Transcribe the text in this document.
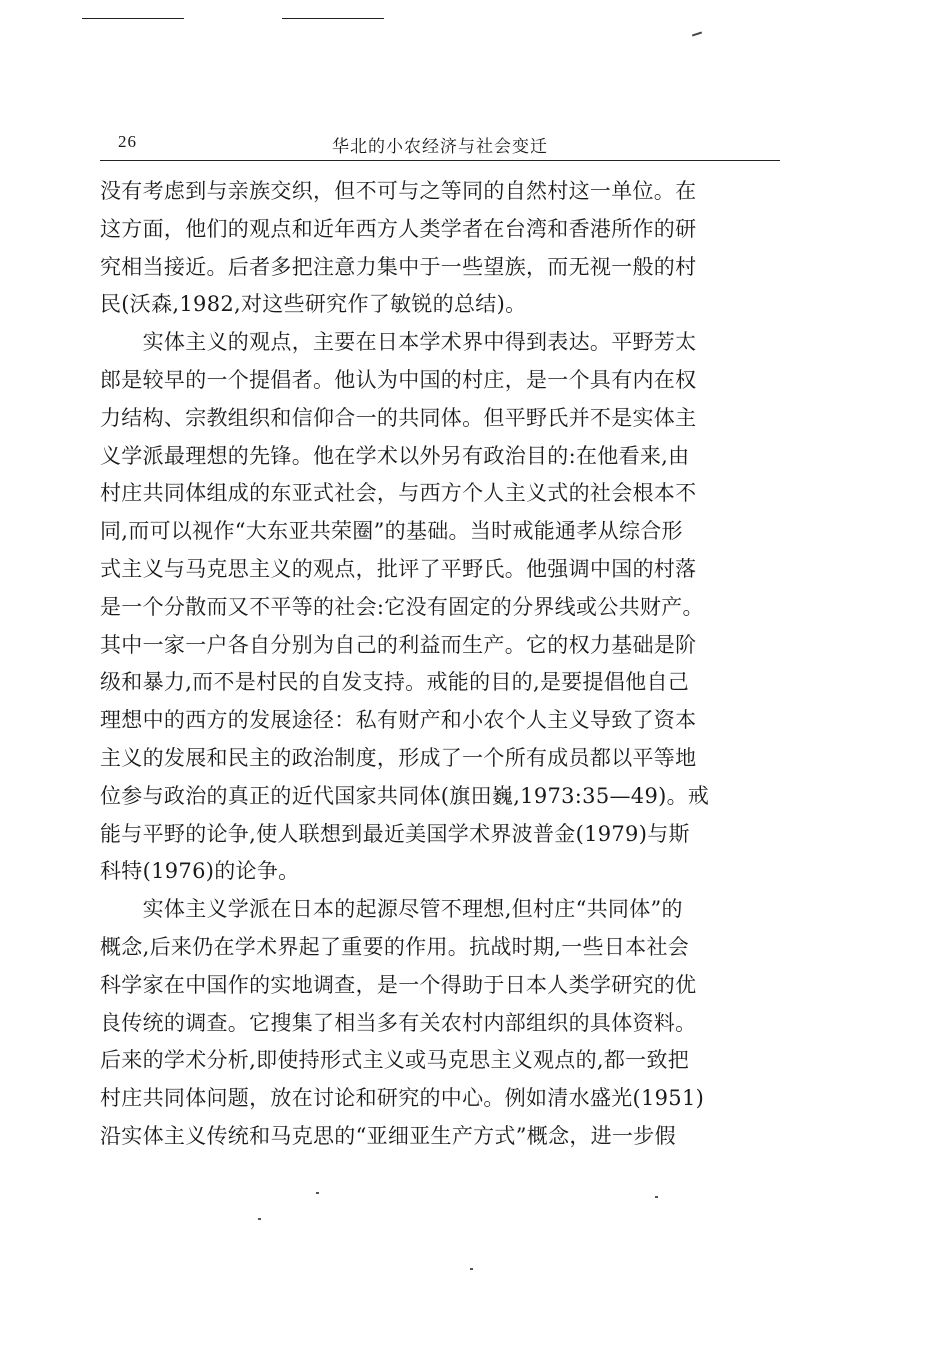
26	华北的小农经济与社会变迁
没有考虑到与亲族交织，但不可与之等同的自然村这一单位。在
这方面，他们的观点和近年西方人类学者在台湾和香港所作的研
究相当接近。后者多把注意力集中于一些望族，而无视一般的村
民(沃森,1982,对这些研究作了敏锐的总结)。
　　实体主义的观点，主要在日本学术界中得到表达。平野芳太
郎是较早的一个提倡者。他认为中国的村庄，是一个具有内在权
力结构、宗教组织和信仰合一的共同体。但平野氏并不是实体主
义学派最理想的先锋。他在学术以外另有政治目的:在他看来,由
村庄共同体组成的东亚式社会，与西方个人主义式的社会根本不
同,而可以视作“大东亚共荣圈”的基础。当时戒能通孝从综合形
式主义与马克思主义的观点，批评了平野氏。他强调中国的村落
是一个分散而又不平等的社会:它没有固定的分界线或公共财产。
其中一家一户各自分别为自己的利益而生产。它的权力基础是阶
级和暴力,而不是村民的自发支持。戒能的目的,是要提倡他自己
理想中的西方的发展途径：私有财产和小农个人主义导致了资本
主义的发展和民主的政治制度，形成了一个所有成员都以平等地
位参与政治的真正的近代国家共同体(旗田巍,1973:35—49)。戒
能与平野的论争,使人联想到最近美国学术界波普金(1979)与斯
科特(1976)的论争。
　　实体主义学派在日本的起源尽管不理想,但村庄“共同体”的
概念,后来仍在学术界起了重要的作用。抗战时期,一些日本社会
科学家在中国作的实地调查，是一个得助于日本人类学研究的优
良传统的调查。它搜集了相当多有关农村内部组织的具体资料。
后来的学术分析,即使持形式主义或马克思主义观点的,都一致把
村庄共同体问题，放在讨论和研究的中心。例如清水盛光(1951)
沿实体主义传统和马克思的“亚细亚生产方式”概念，进一步假
